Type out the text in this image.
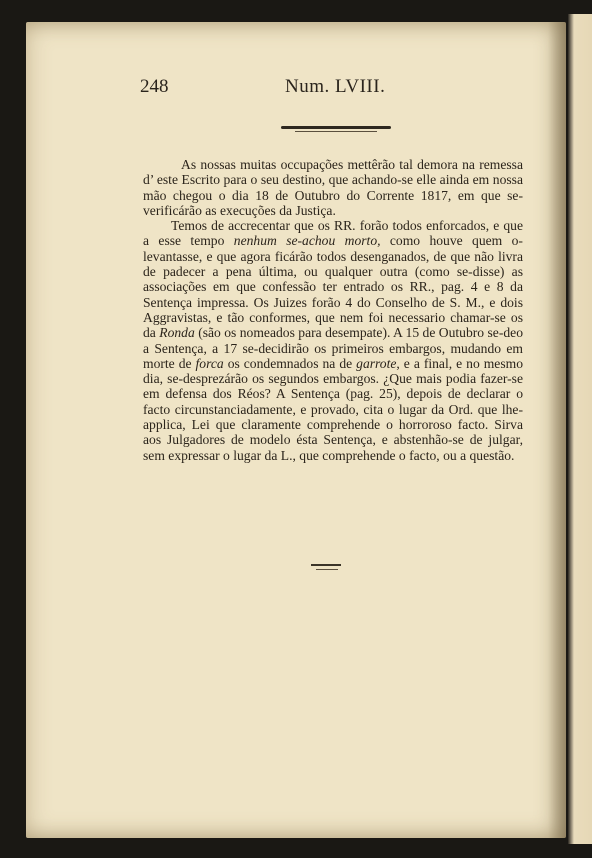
248	Num. LVIII.

As nossas muitas occupações mettêrão tal demora na remessa d’ este Escrito para o seu destino, que achando-se elle ainda em nossa mão chegou o dia 18 de Outubro do Corrente 1817, em que se-verificárão as execuções da Justiça.

Temos de accrecentar que os RR. forão todos enforcados, e que a esse tempo nenhum se-achou morto, como houve quem o-levantasse, e que agora ficárão todos desenganados, de que não livra de padecer a pena última, ou qualquer outra (como se-disse) as associações em que confessão ter entrado os RR., pag. 4 e 8 da Sentença impressa. Os Juizes forão 4 do Conselho de S. M., e dois Aggravistas, e tão conformes, que nem foi necessario chamar-se os da Ronda (são os nomeados para desempate). A 15 de Outubro se-deo a Sentença, a 17 se-decidirão os primeiros embargos, mudando em morte de forca os condemnados na de garrote, e a final, e no mesmo dia, se-desprezárão os segundos embargos. ¿Que mais podia fazer-se em defensa dos Réos? A Sentença (pag. 25), depois de declarar o facto circunstanciadamente, e provado, cita o lugar da Ord. que lhe-applica, Lei que claramente comprehende o horroroso facto. Sirva aos Julgadores de modelo ésta Sentença, e abstenhão-se de julgar, sem expressar o lugar da L., que comprehende o facto, ou a questão.
